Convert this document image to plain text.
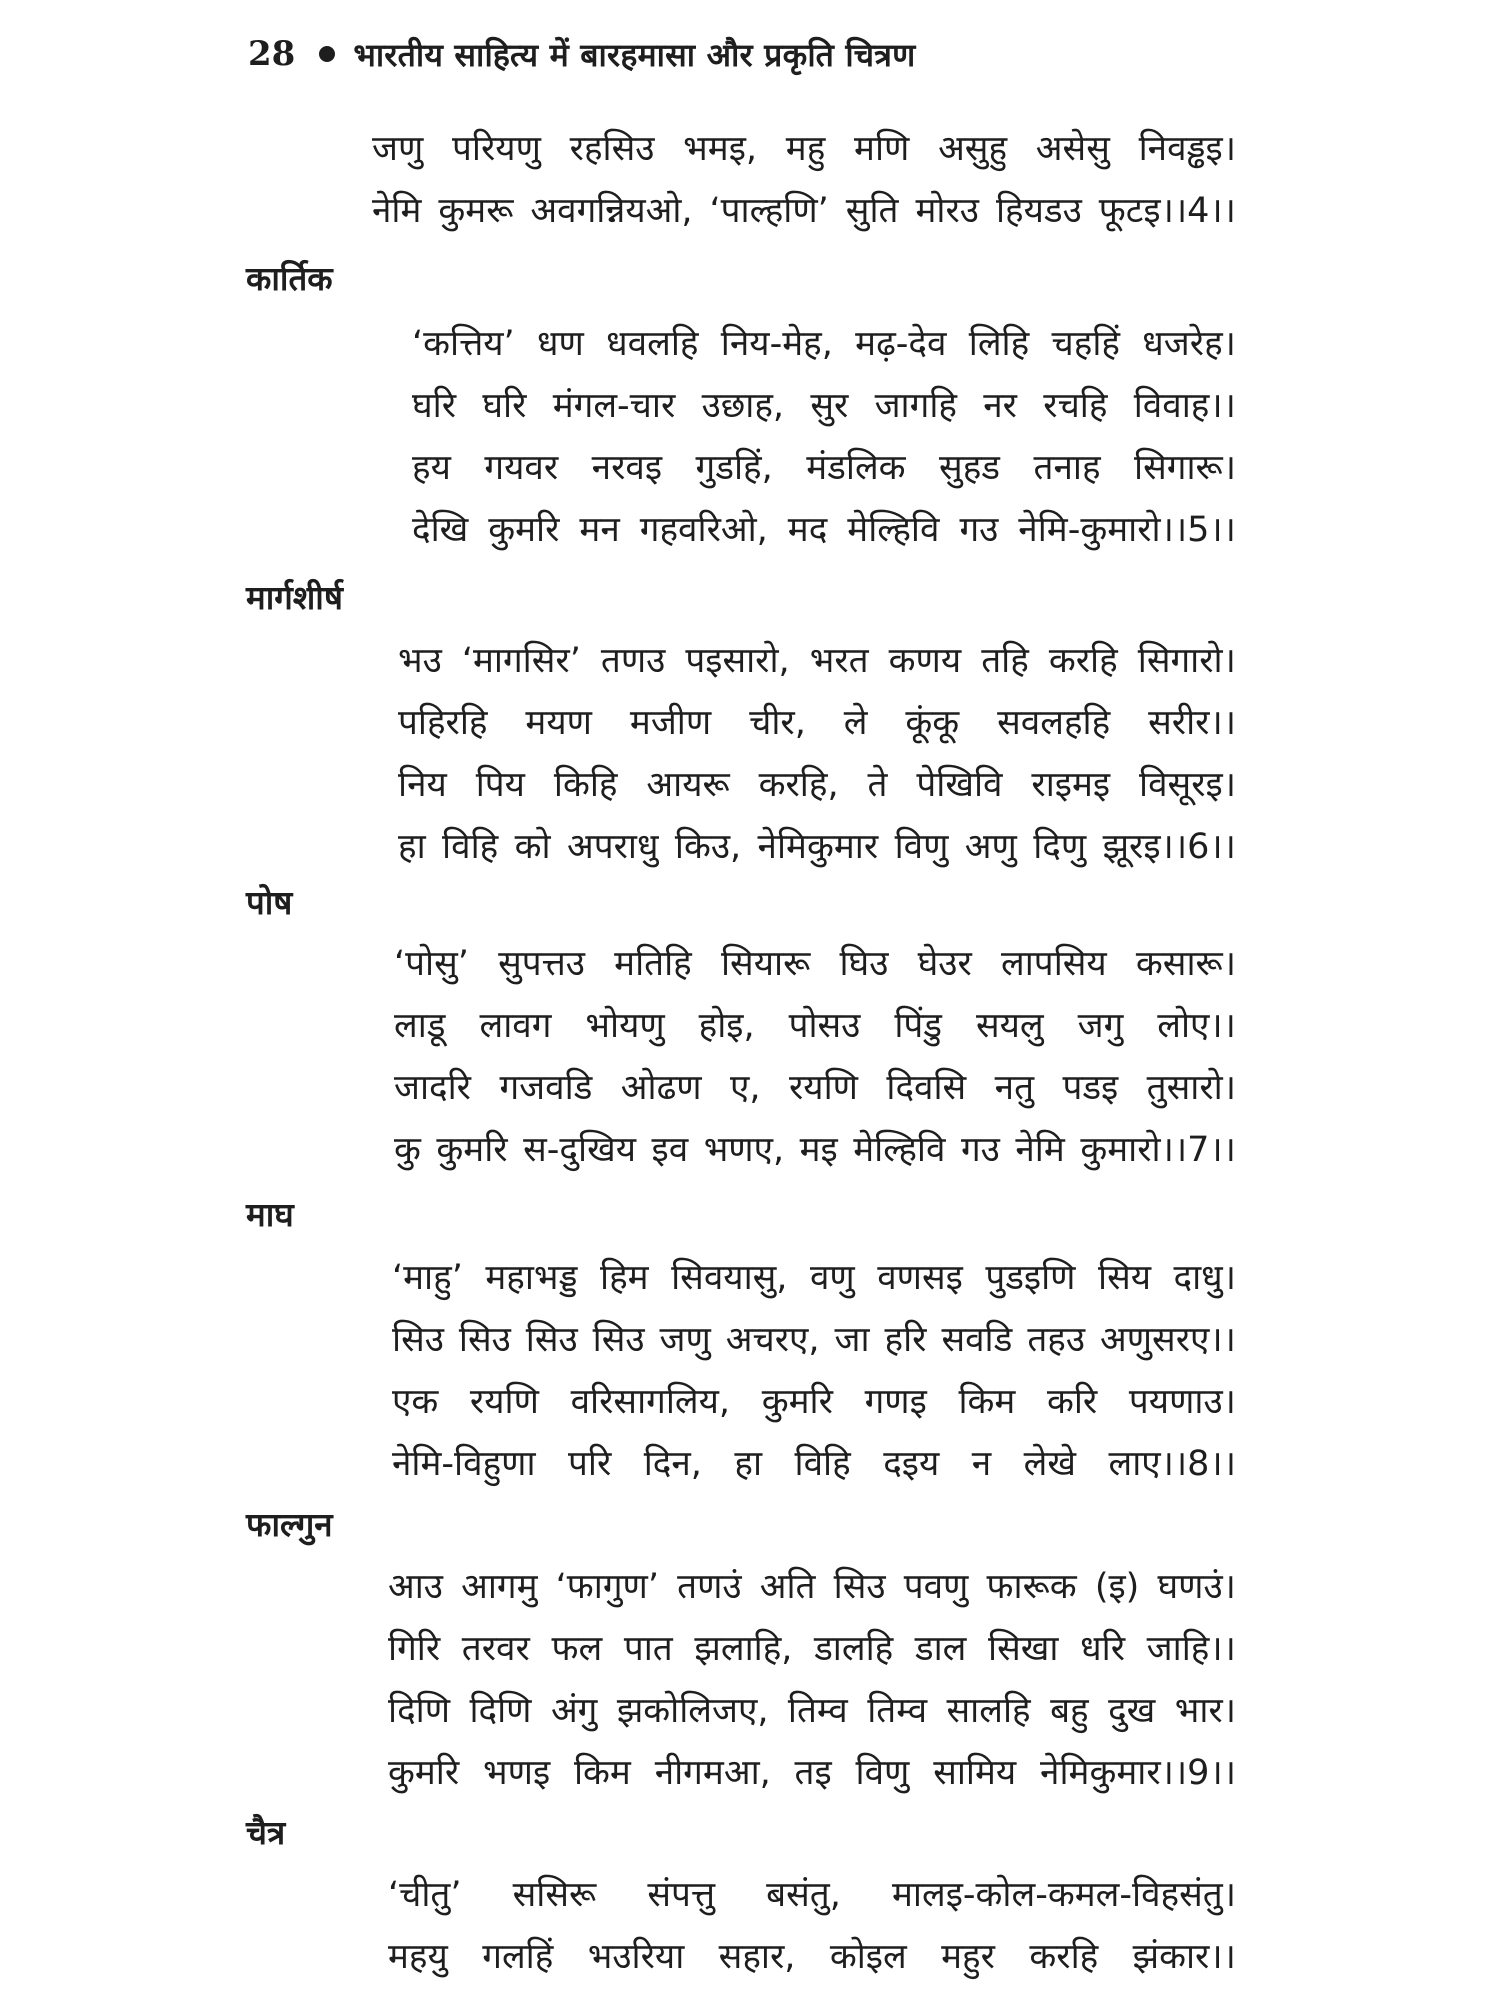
28 भारतीय साहित्य में बारहमासा और प्रकृति चित्रण
जणु परियणु रहसिउ भमइ, महु मणि असुहु असेसु निवड्ढइ।
नेमि कुमरू अवगन्नियओ, ‘पाल्हणि’ सुति मोरउ हियडउ फूटइ।।4।।
कार्तिक
‘कत्तिय’ धण धवलहि निय-मेह, मढ़-देव लिहि चहहिं धजरेह।
घरि घरि मंगल-चार उछाह, सुर जागहि नर रचहि विवाह।।
हय गयवर नरवइ गुडहिं, मंडलिक सुहड तनाह सिगारू।
देखि कुमरि मन गहवरिओ, मद मेल्हिवि गउ नेमि-कुमारो।।5।।
मार्गशीर्ष
भउ ‘मागसिर’ तणउ पइसारो, भरत कणय तहि करहि सिगारो।
पहिरहि मयण मजीण चीर, ले कूंकू सवलहहि सरीर।।
निय पिय किहि आयरू करहि, ते पेखिवि राइमइ विसूरइ।
हा विहि को अपराधु किउ, नेमिकुमार विणु अणु दिणु झूरइ।।6।।
पोष
‘पोसु’ सुपत्तउ मतिहि सियारू घिउ घेउर लापसिय कसारू।
लाडू लावग भोयणु होइ, पोसउ पिंडु सयलु जगु लोए।।
जादरि गजवडि ओढण ए, रयणि दिवसि नतु पडइ तुसारो।
कु कुमरि स-दुखिय इव भणए, मइ मेल्हिवि गउ नेमि कुमारो।।7।।
माघ
‘माहु’ महाभड्ड हिम सिवयासु, वणु वणसइ पुडइणि सिय दाधु।
सिउ सिउ सिउ सिउ जणु अचरए, जा हरि सवडि तहउ अणुसरए।।
एक रयणि वरिसागलिय, कुमरि गणइ किम करि पयणाउ।
नेमि-विहुणा परि दिन, हा विहि दइय न लेखे लाए।।8।।
फाल्गुन
आउ आगमु ‘फागुण’ तणउं अति सिउ पवणु फारूक (इ) घणउं।
गिरि तरवर फल पात झलाहि, डालहि डाल सिखा धरि जाहि।।
दिणि दिणि अंगु झकोलिजए, तिम्व तिम्व सालहि बहु दुख भार।
कुमरि भणइ किम नीगमआ, तइ विणु सामिय नेमिकुमार।।9।।
चैत्र
‘चीतु’ ससिरू संपत्तु बसंतु, मालइ-कोल-कमल-विहसंतु।
महयु गलहिं भउरिया सहार, कोइल महुर करहि झंकार।।
